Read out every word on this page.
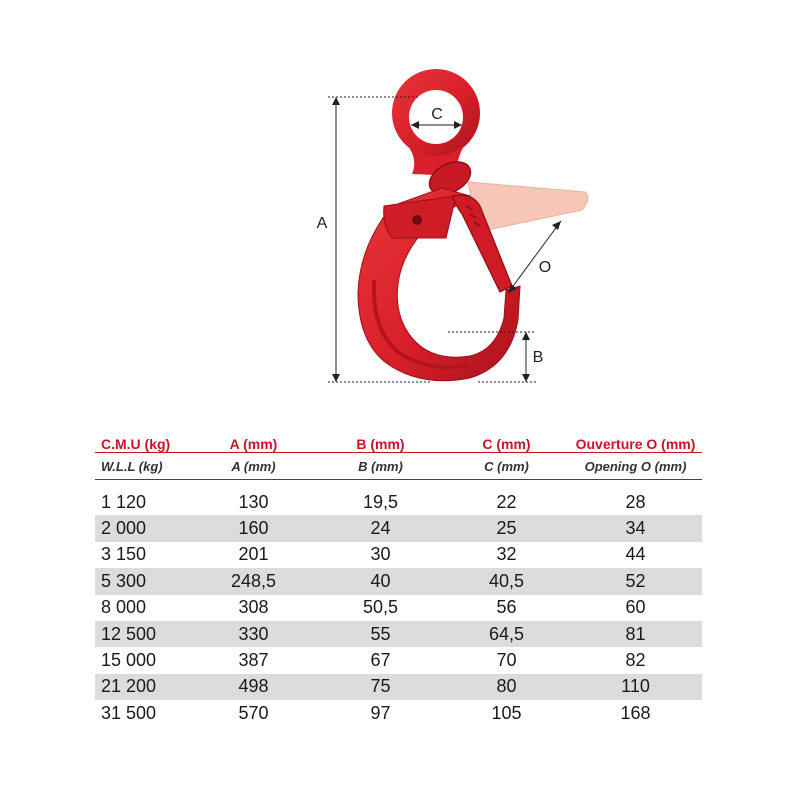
A
B
C
O
C.M.U (kg)	A (mm)	B (mm)	C (mm)	Ouverture O (mm)
W.L.L (kg)	A (mm)	B (mm)	C (mm)	Opening O (mm)

1 120	130	19,5	22	28
2 000	160	24	25	34
3 150	201	30	32	44
5 300	248,5	40	40,5	52
8 000	308	50,5	56	60
12 500	330	55	64,5	81
15 000	387	67	70	82
21 200	498	75	80	110
31 500	570	97	105	168
